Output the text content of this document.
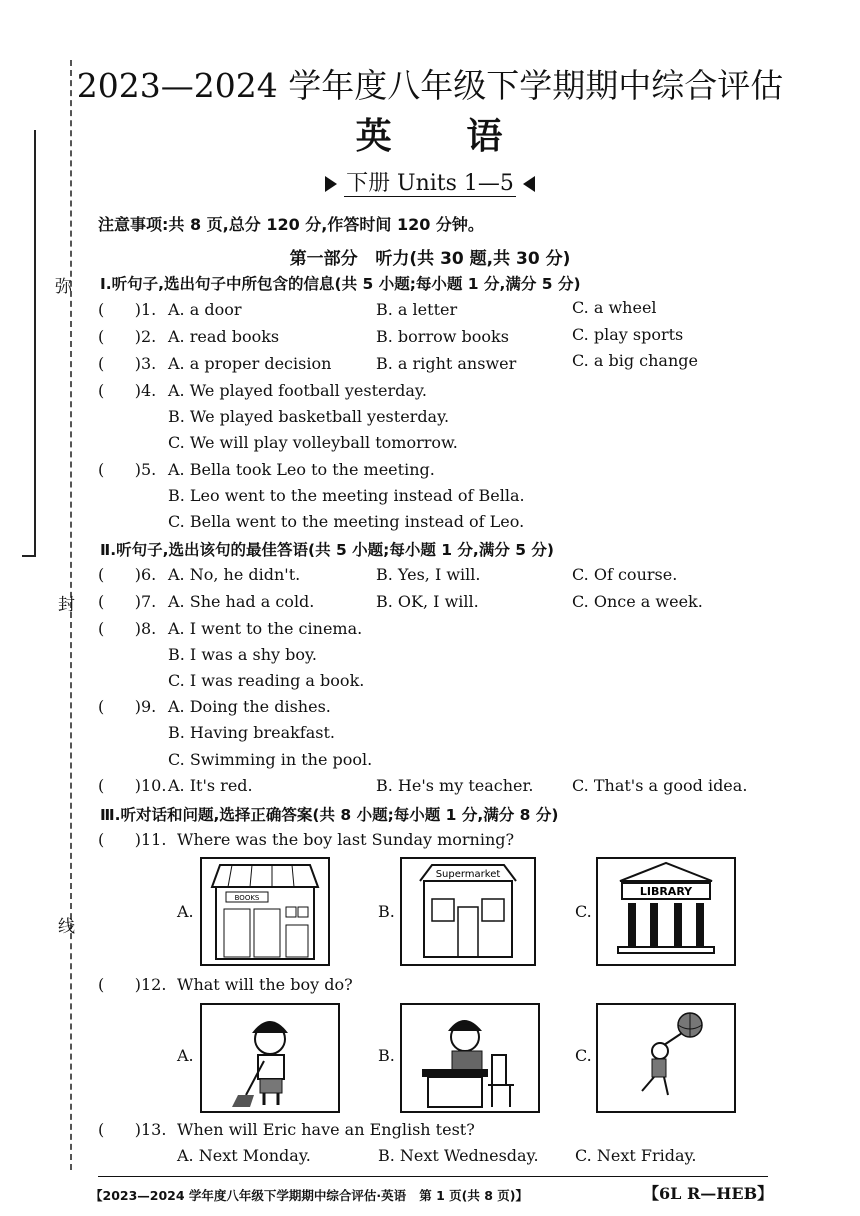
弥
封
线
2023—2024 学年度八年级下学期期中综合评估
英     语
下册 Units 1—5
注意事项:共 8 页,总分 120 分,作答时间 120 分钟。
第一部分   听力(共 30 题,共 30 分)
Ⅰ.听句子,选出句子中所包含的信息(共 5 小题;每小题 1 分,满分 5 分)
(      )1. A. a door	B. a letter	C. a wheel
(      )2. A. read books	B. borrow books	C. play sports
(      )3. A. a proper decision	B. a right answer	C. a big change
(      )4. A. We played football yesterday.
B. We played basketball yesterday.
C. We will play volleyball tomorrow.
(      )5. A. Bella took Leo to the meeting.
B. Leo went to the meeting instead of Bella.
C. Bella went to the meeting instead of Leo.
Ⅱ.听句子,选出该句的最佳答语(共 5 小题;每小题 1 分,满分 5 分)
(      )6. A. No, he didn't.	B. Yes, I will.	C. Of course.
(      )7. A. She had a cold.	B. OK, I will.	C. Once a week.
(      )8. A. I went to the cinema.
B. I was a shy boy.
C. I was reading a book.
(      )9. A. Doing the dishes.
B. Having breakfast.
C. Swimming in the pool.
(      )10. A. It's red.	B. He's my teacher. C. That's a good idea.
Ⅲ.听对话和问题,选择正确答案(共 8 小题;每小题 1 分,满分 8 分)
(      )11. Where was the boy last Sunday morning?
A.
BOOKS
B.
Supermarket
C.
LIBRARY
(      )12. What will the boy do?
A.	B.	C.
(      )13. When will Eric have an English test?
A. Next Monday.	B. Next Wednesday. C. Next Friday.
【2023—2024 学年度八年级下学期期中综合评估·英语   第 1 页(共 8 页)】	【6L R—HEB】
